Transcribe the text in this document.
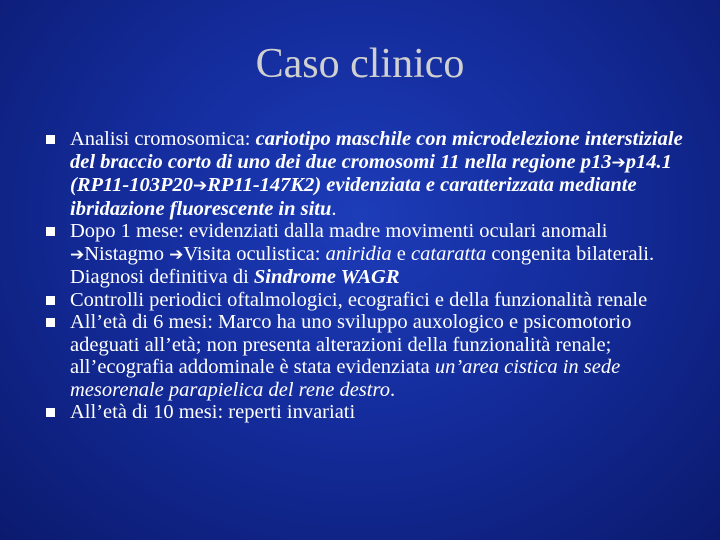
Caso clinico
Analisi cromosomica: cariotipo maschile con microdelezione interstiziale del braccio corto di uno dei due cromosomi 11 nella regione p13➔p14.1 (RP11-103P20➔RP11-147K2) evidenziata e caratterizzata mediante ibridazione fluorescente in situ.
Dopo 1 mese: evidenziati dalla madre movimenti oculari anomali ➔Nistagmo ➔Visita oculistica: aniridia e cataratta congenita bilaterali. Diagnosi definitiva di Sindrome WAGR
Controlli periodici oftalmologici, ecografici e della funzionalità renale
All’età di 6 mesi: Marco ha uno sviluppo auxologico e psicomotorio adeguati all’età; non presenta alterazioni della funzionalità renale; all’ecografia addominale è stata evidenziata un’area cistica in sede mesorenale parapielica del rene destro.
All’età di 10 mesi: reperti invariati
